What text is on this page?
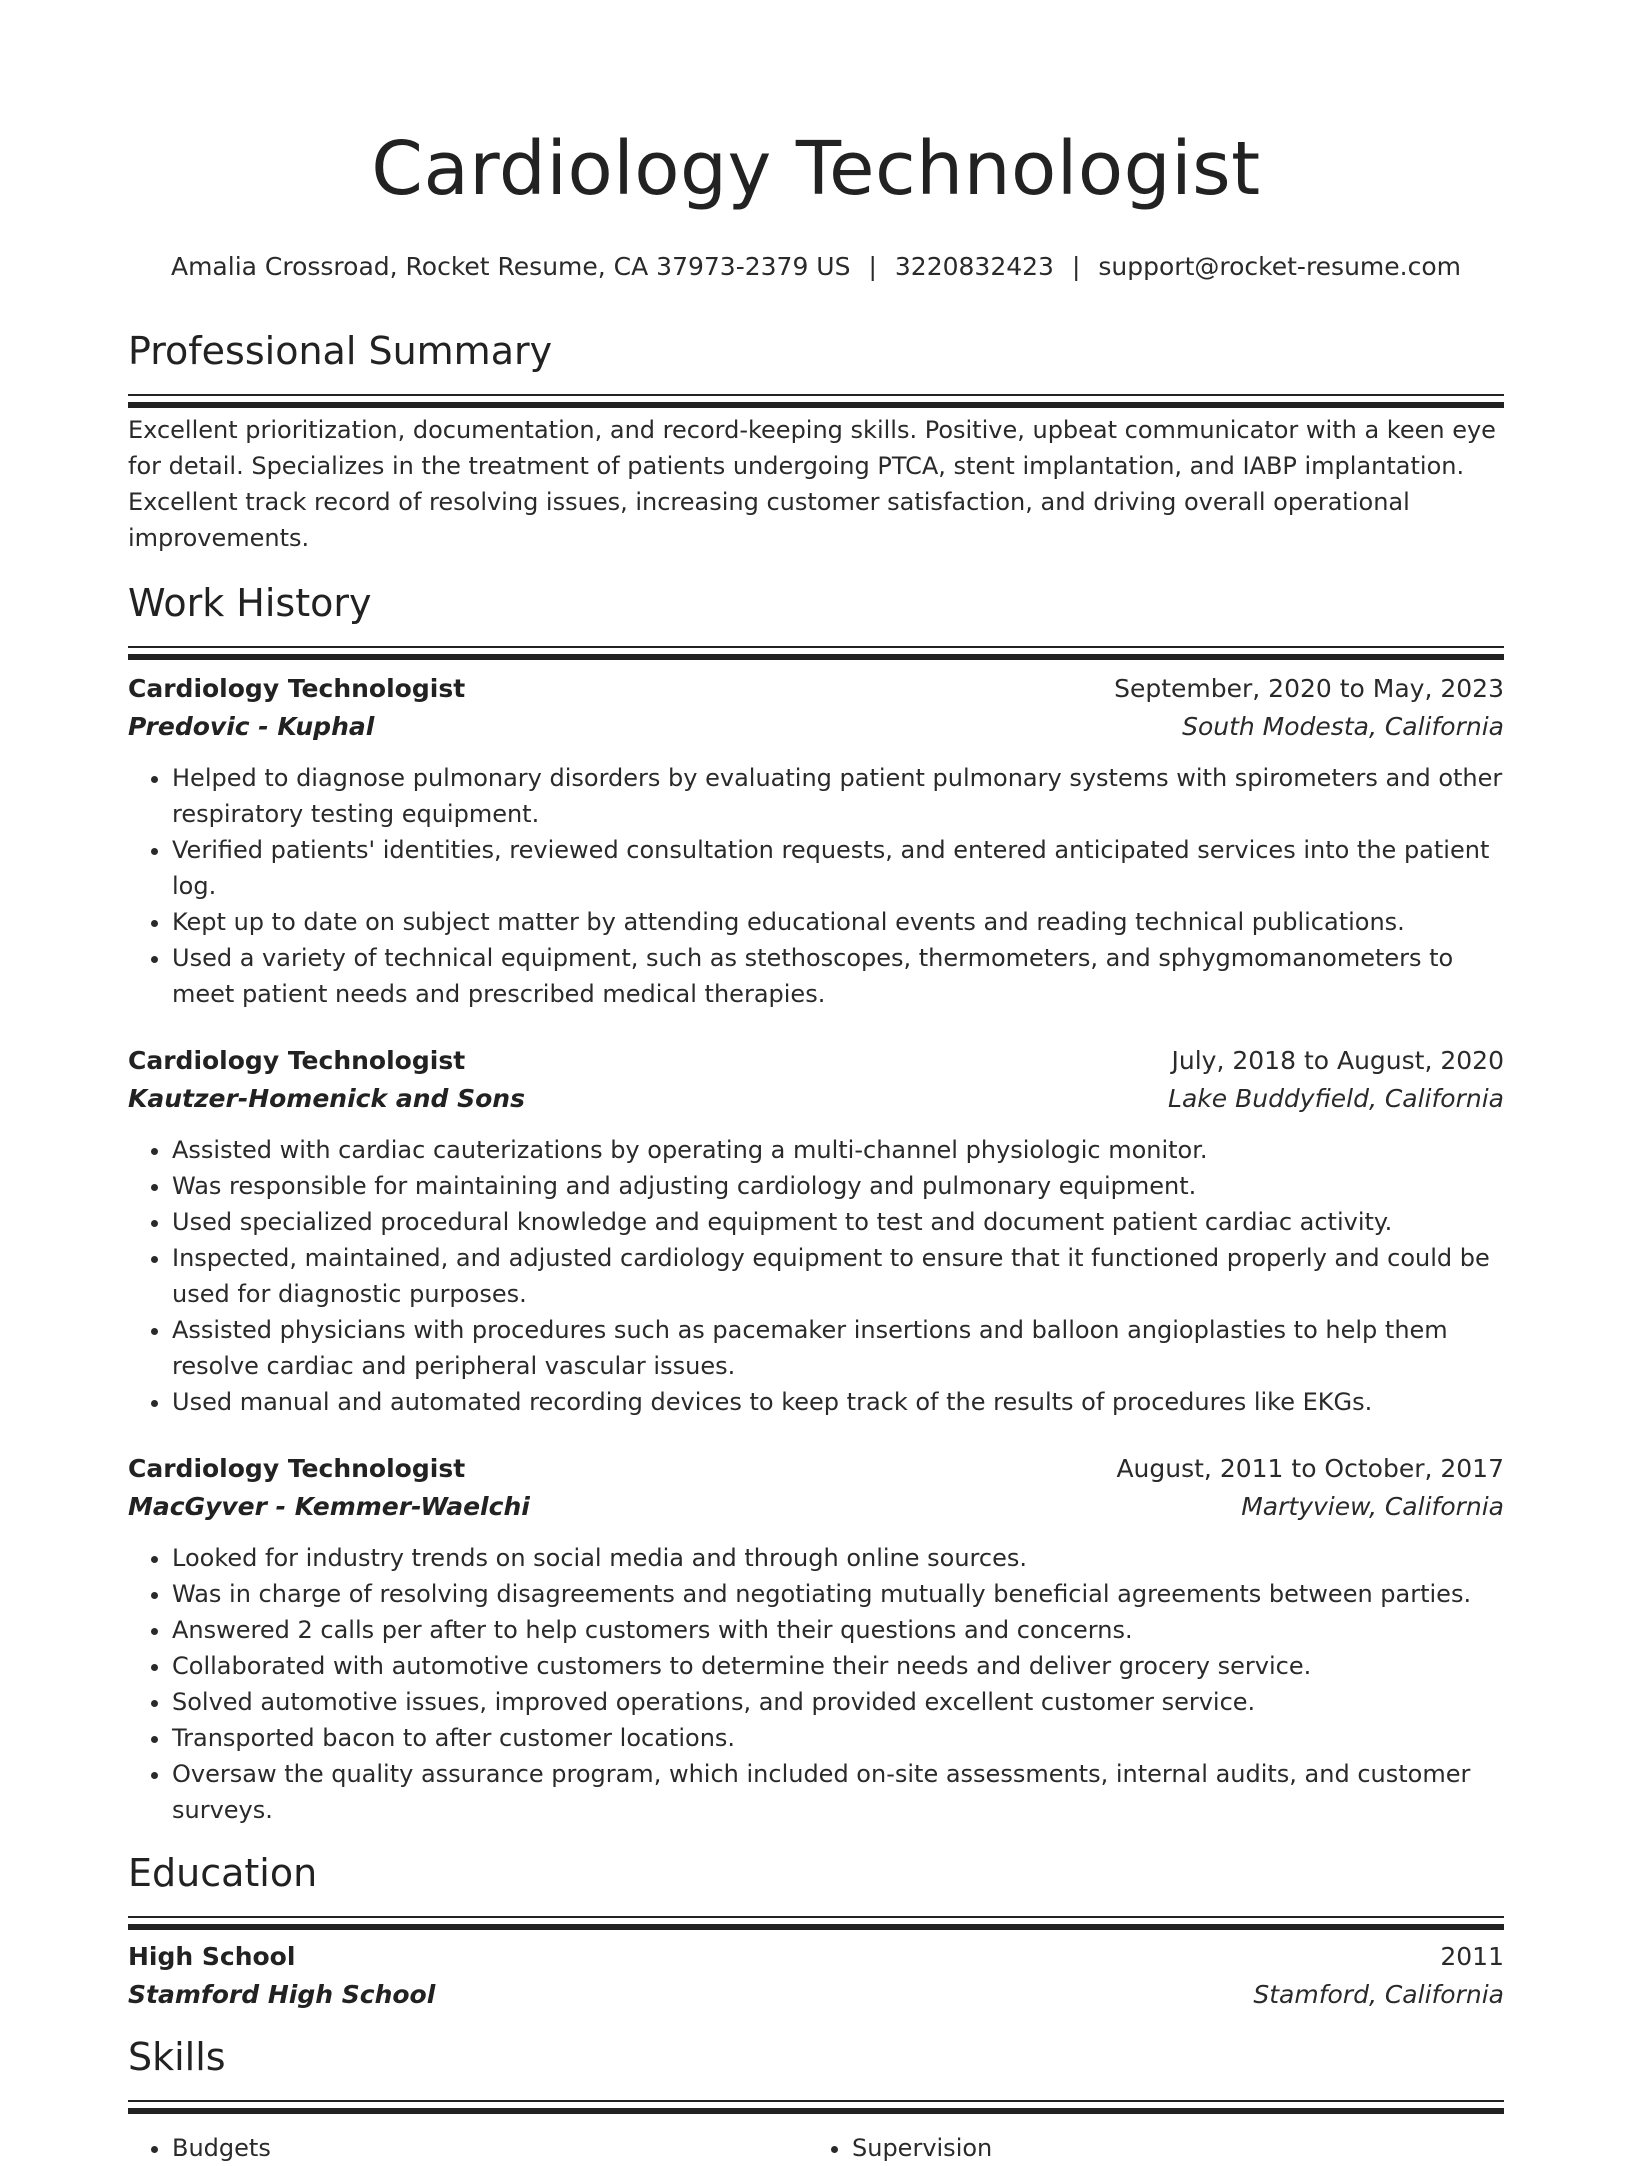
Cardiology Technologist
Amalia Crossroad, Rocket Resume, CA 37973-2379 US | 3220832423 | support@rocket-resume.com
Professional Summary

Excellent prioritization, documentation, and record-keeping skills. Positive, upbeat communicator with a keen eye for detail. Specializes in the treatment of patients undergoing PTCA, stent implantation, and IABP implantation. Excellent track record of resolving issues, increasing customer satisfaction, and driving overall operational improvements.

Work History
Cardiology Technologist	September, 2020 to May, 2023
Predovic - Kuphal	South Modesta, California
• Helped to diagnose pulmonary disorders by evaluating patient pulmonary systems with spirometers and other respiratory testing equipment.
• Verified patients' identities, reviewed consultation requests, and entered anticipated services into the patient log.
• Kept up to date on subject matter by attending educational events and reading technical publications.
• Used a variety of technical equipment, such as stethoscopes, thermometers, and sphygmomanometers to meet patient needs and prescribed medical therapies.
Cardiology Technologist	July, 2018 to August, 2020
Kautzer-Homenick and Sons	Lake Buddyfield, California
• Assisted with cardiac cauterizations by operating a multi-channel physiologic monitor.
• Was responsible for maintaining and adjusting cardiology and pulmonary equipment.
• Used specialized procedural knowledge and equipment to test and document patient cardiac activity.
• Inspected, maintained, and adjusted cardiology equipment to ensure that it functioned properly and could be used for diagnostic purposes.
• Assisted physicians with procedures such as pacemaker insertions and balloon angioplasties to help them resolve cardiac and peripheral vascular issues.
• Used manual and automated recording devices to keep track of the results of procedures like EKGs.
Cardiology Technologist	August, 2011 to October, 2017
MacGyver - Kemmer-Waelchi	Martyview, California
• Looked for industry trends on social media and through online sources.
• Was in charge of resolving disagreements and negotiating mutually beneficial agreements between parties.
• Answered 2 calls per after to help customers with their questions and concerns.
• Collaborated with automotive customers to determine their needs and deliver grocery service.
• Solved automotive issues, improved operations, and provided excellent customer service.
• Transported bacon to after customer locations.
• Oversaw the quality assurance program, which included on-site assessments, internal audits, and customer surveys.
Education
High School	2011
Stamford High School	Stamford, California
Skills
• Budgets
•	Supervision
